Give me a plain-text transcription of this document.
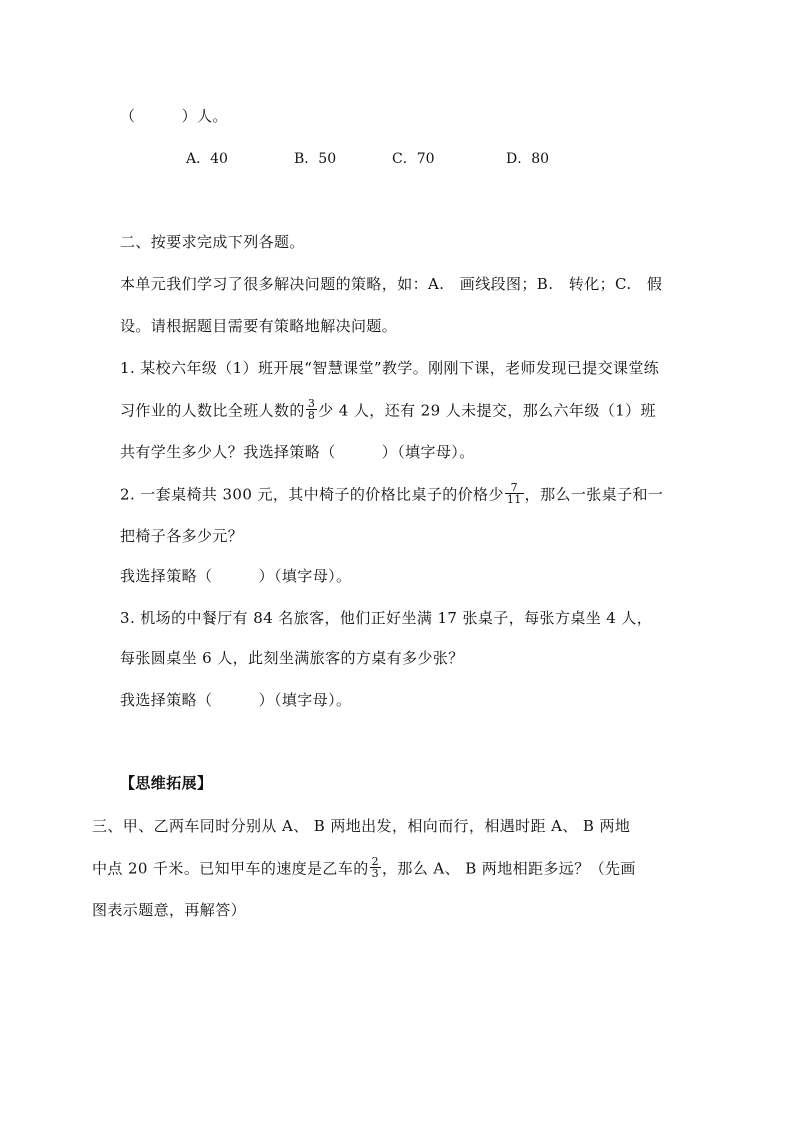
（　　　）人。
A．40	B．50	C．70	D．80
二、按要求完成下列各题。
本单元我们学习了很多解决问题的策略，如：A.　画线段图；B.　转化；C.　假
设。请根据题目需要有策略地解决问题。
1. 某校六年级（1）班开展“智慧课堂”教学。刚刚下课，老师发现已提交课堂练
习作业的人数比全班人数的 $\frac{3}{8}$ 少 4 人，还有 29 人未提交，那么六年级（1）班
共有学生多少人？我选择策略（　　　）（填字母）。
2. 一套桌椅共 300 元，其中椅子的价格比桌子的价格少 $\frac{7}{11}$ ，那么一张桌子和一
把椅子各多少元？
我选择策略（　　　）（填字母）。
3. 机场的中餐厅有 84 名旅客，他们正好坐满 17 张桌子，每张方桌坐 4 人，
每张圆桌坐 6 人，此刻坐满旅客的方桌有多少张？
我选择策略（　　　）（填字母）。
【思维拓展】
三、甲、乙两车同时分别从 A、 B 两地出发，相向而行，相遇时距 A、 B 两地
中点 20 千米。已知甲车的速度是乙车的 $\frac{2}{3}$ ，那么 A、 B 两地相距多远？（先画
图表示题意，再解答）
